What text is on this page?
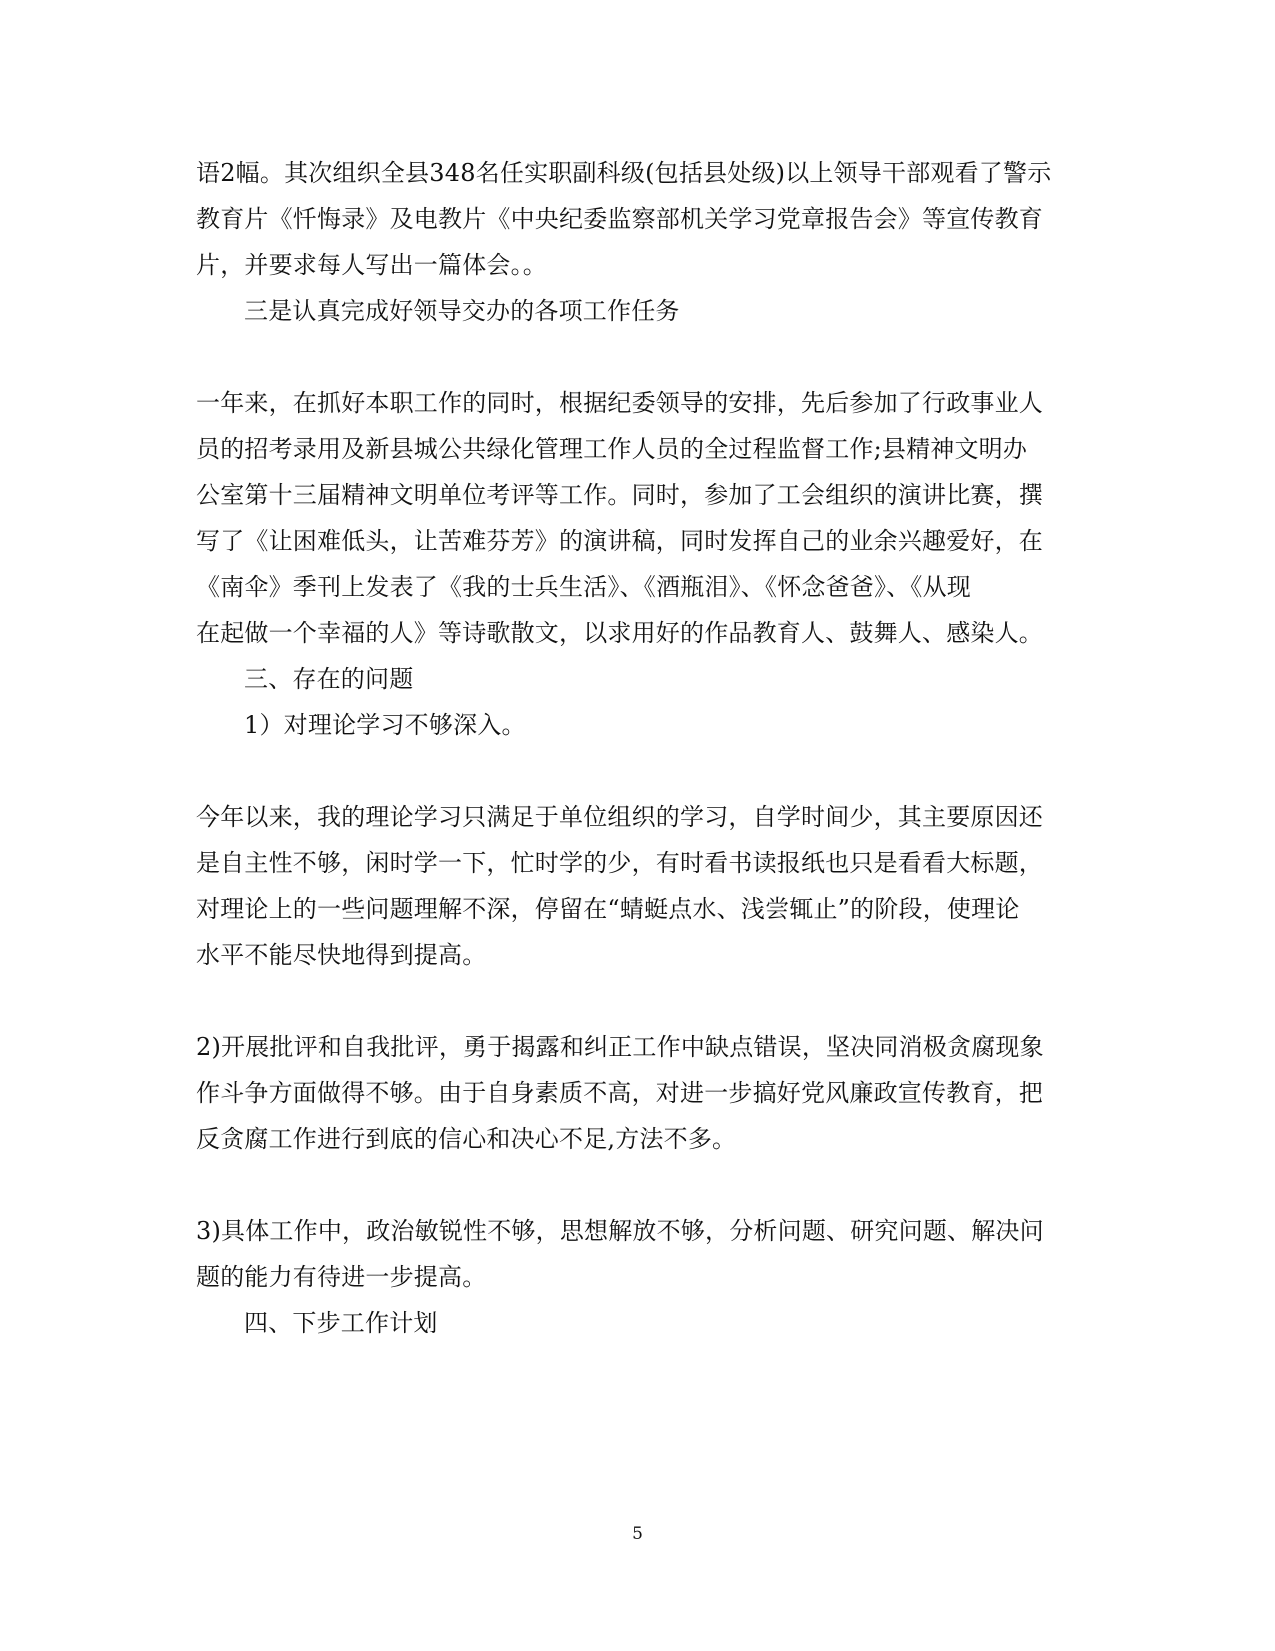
语2幅。其次组织全县348名任实职副科级(包括县处级)以上领导干部观看了警示
教育片《忏悔录》及电教片《中央纪委监察部机关学习党章报告会》等宣传教育
片，并要求每人写出一篇体会。。
三是认真完成好领导交办的各项工作任务
一年来，在抓好本职工作的同时，根据纪委领导的安排，先后参加了行政事业人
员的招考录用及新县城公共绿化管理工作人员的全过程监督工作;县精神文明办
公室第十三届精神文明单位考评等工作。同时，参加了工会组织的演讲比赛，撰
写了《让困难低头，让苦难芬芳》的演讲稿，同时发挥自己的业余兴趣爱好，在
《南伞》季刊上发表了《我的士兵生活》、《酒瓶泪》、《怀念爸爸》、《从现
在起做一个幸福的人》等诗歌散文，以求用好的作品教育人、鼓舞人、感染人。
三、存在的问题
1）对理论学习不够深入。
今年以来，我的理论学习只满足于单位组织的学习，自学时间少，其主要原因还
是自主性不够，闲时学一下，忙时学的少，有时看书读报纸也只是看看大标题，
对理论上的一些问题理解不深，停留在“蜻蜓点水、浅尝辄止”的阶段，使理论
水平不能尽快地得到提高。
2)开展批评和自我批评，勇于揭露和纠正工作中缺点错误，坚决同消极贪腐现象
作斗争方面做得不够。由于自身素质不高，对进一步搞好党风廉政宣传教育，把
反贪腐工作进行到底的信心和决心不足,方法不多。
3)具体工作中，政治敏锐性不够，思想解放不够，分析问题、研究问题、解决问
题的能力有待进一步提高。
四、下步工作计划
5
